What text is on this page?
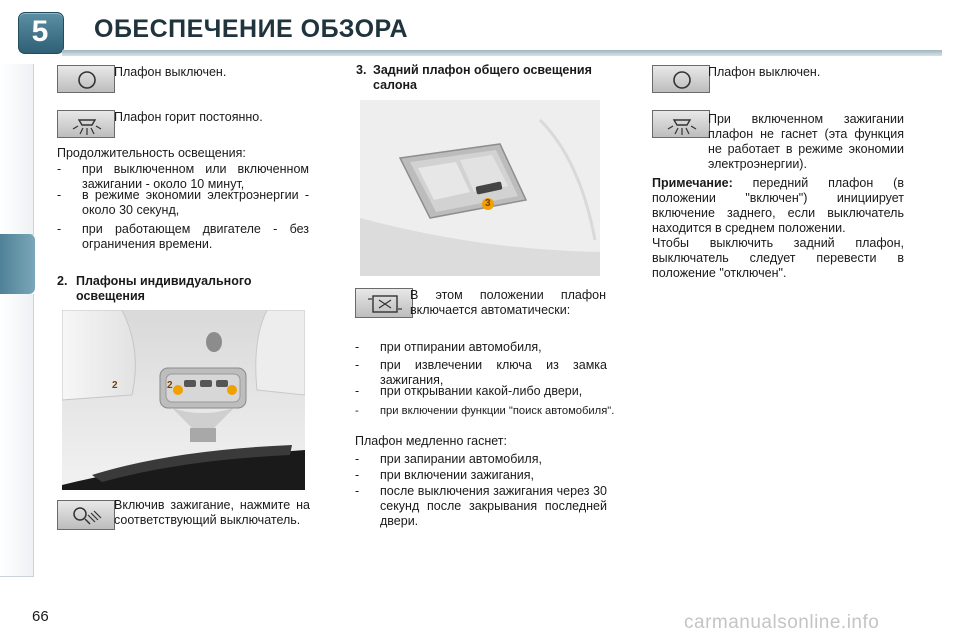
5	ОБЕСПЕЧЕНИЕ ОБЗОРА
Плафон выключен.
Плафон горит постоянно.
Продолжительность освещения:
- при выключенном или включенном зажигании - около 10 минут,
- в режиме экономии электроэнергии - около 30 секунд,
- при работающем двигателе - без ограничения времени.
2. Плафоны индивидуального освещения
2	2
Включив зажигание, нажмите на соответствующий выключатель.
3. Задний плафон общего освещения салона
3
В этом положении плафон включается автоматически:
- при отпирании автомобиля,
- при извлечении ключа из замка зажигания,
- при открывании какой-либо двери,
- при включении функции "поиск автомобиля".
Плафон медленно гаснет:
- при запирании автомобиля,
- при включении зажигания,
- после выключения зажигания через 30 секунд после закрывания последней двери.
Плафон выключен.
При включенном зажигании плафон не гаснет (эта функция не работает в режиме экономии электроэнергии).
Примечание: передний плафон (в положении "включен") инициирует включение заднего, если выключатель находится в среднем положении.
Чтобы выключить задний плафон, выключатель следует перевести в положение "отключен".
66	carmanualsonline.info
